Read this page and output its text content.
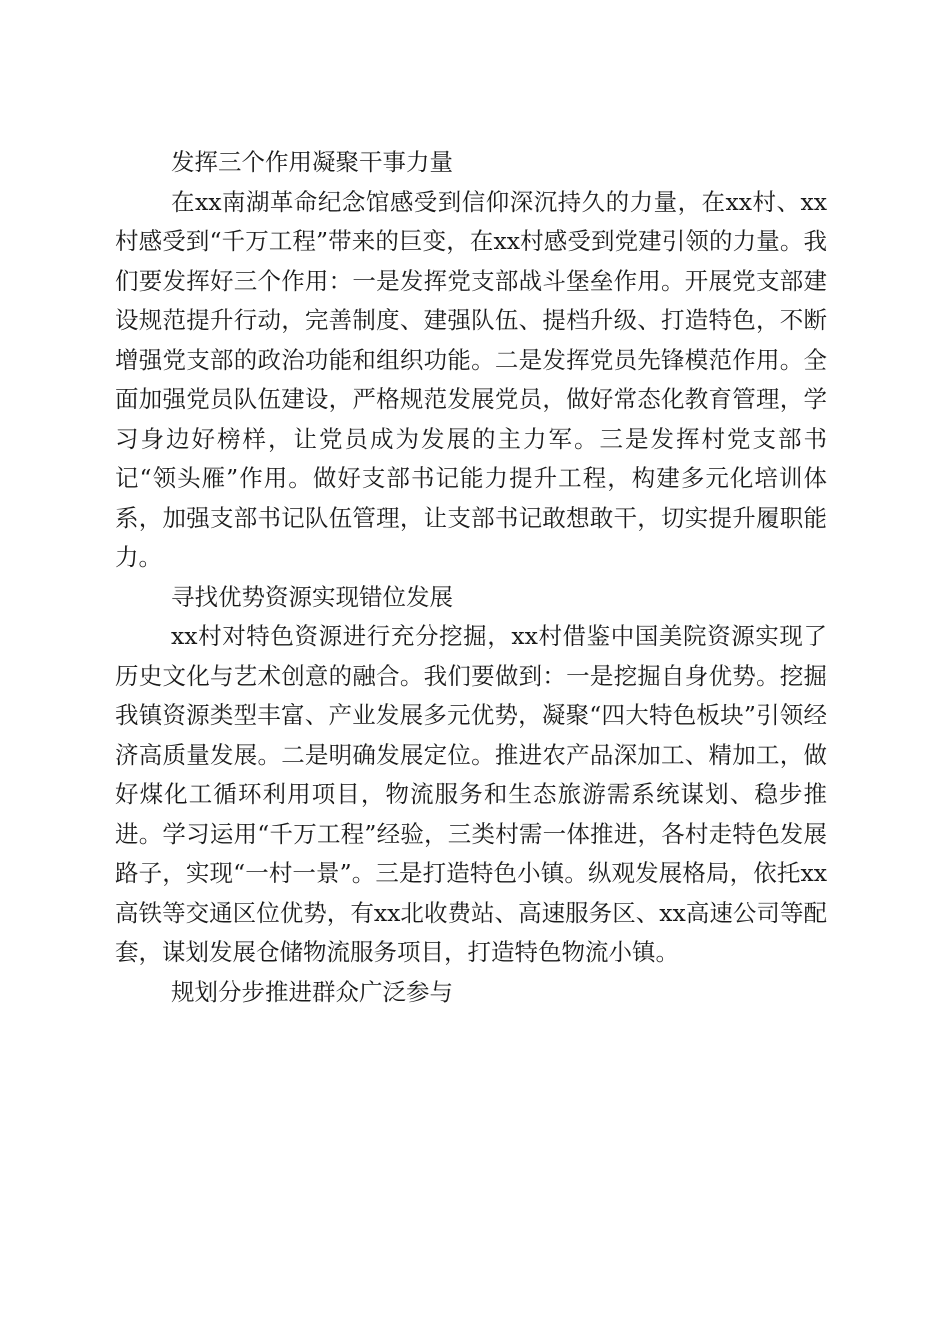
发挥三个作用凝聚干事力量

在xx南湖革命纪念馆感受到信仰深沉持久的力量，在xx村、xx村感受到“千万工程”带来的巨变，在xx村感受到党建引领的力量。我们要发挥好三个作用：一是发挥党支部战斗堡垒作用。开展党支部建设规范提升行动，完善制度、建强队伍、提档升级、打造特色，不断增强党支部的政治功能和组织功能。二是发挥党员先锋模范作用。全面加强党员队伍建设，严格规范发展党员，做好常态化教育管理，学习身边好榜样，让党员成为发展的主力军。三是发挥村党支部书记“领头雁”作用。做好支部书记能力提升工程，构建多元化培训体系，加强支部书记队伍管理，让支部书记敢想敢干，切实提升履职能力。

寻找优势资源实现错位发展

xx村对特色资源进行充分挖掘，xx村借鉴中国美院资源实现了历史文化与艺术创意的融合。我们要做到：一是挖掘自身优势。挖掘我镇资源类型丰富、产业发展多元优势，凝聚“四大特色板块”引领经济高质量发展。二是明确发展定位。推进农产品深加工、精加工，做好煤化工循环利用项目，物流服务和生态旅游需系统谋划、稳步推进。学习运用“千万工程”经验，三类村需一体推进，各村走特色发展路子，实现“一村一景”。三是打造特色小镇。纵观发展格局，依托xx高铁等交通区位优势，有xx北收费站、高速服务区、xx高速公司等配套，谋划发展仓储物流服务项目，打造特色物流小镇。

规划分步推进群众广泛参与
